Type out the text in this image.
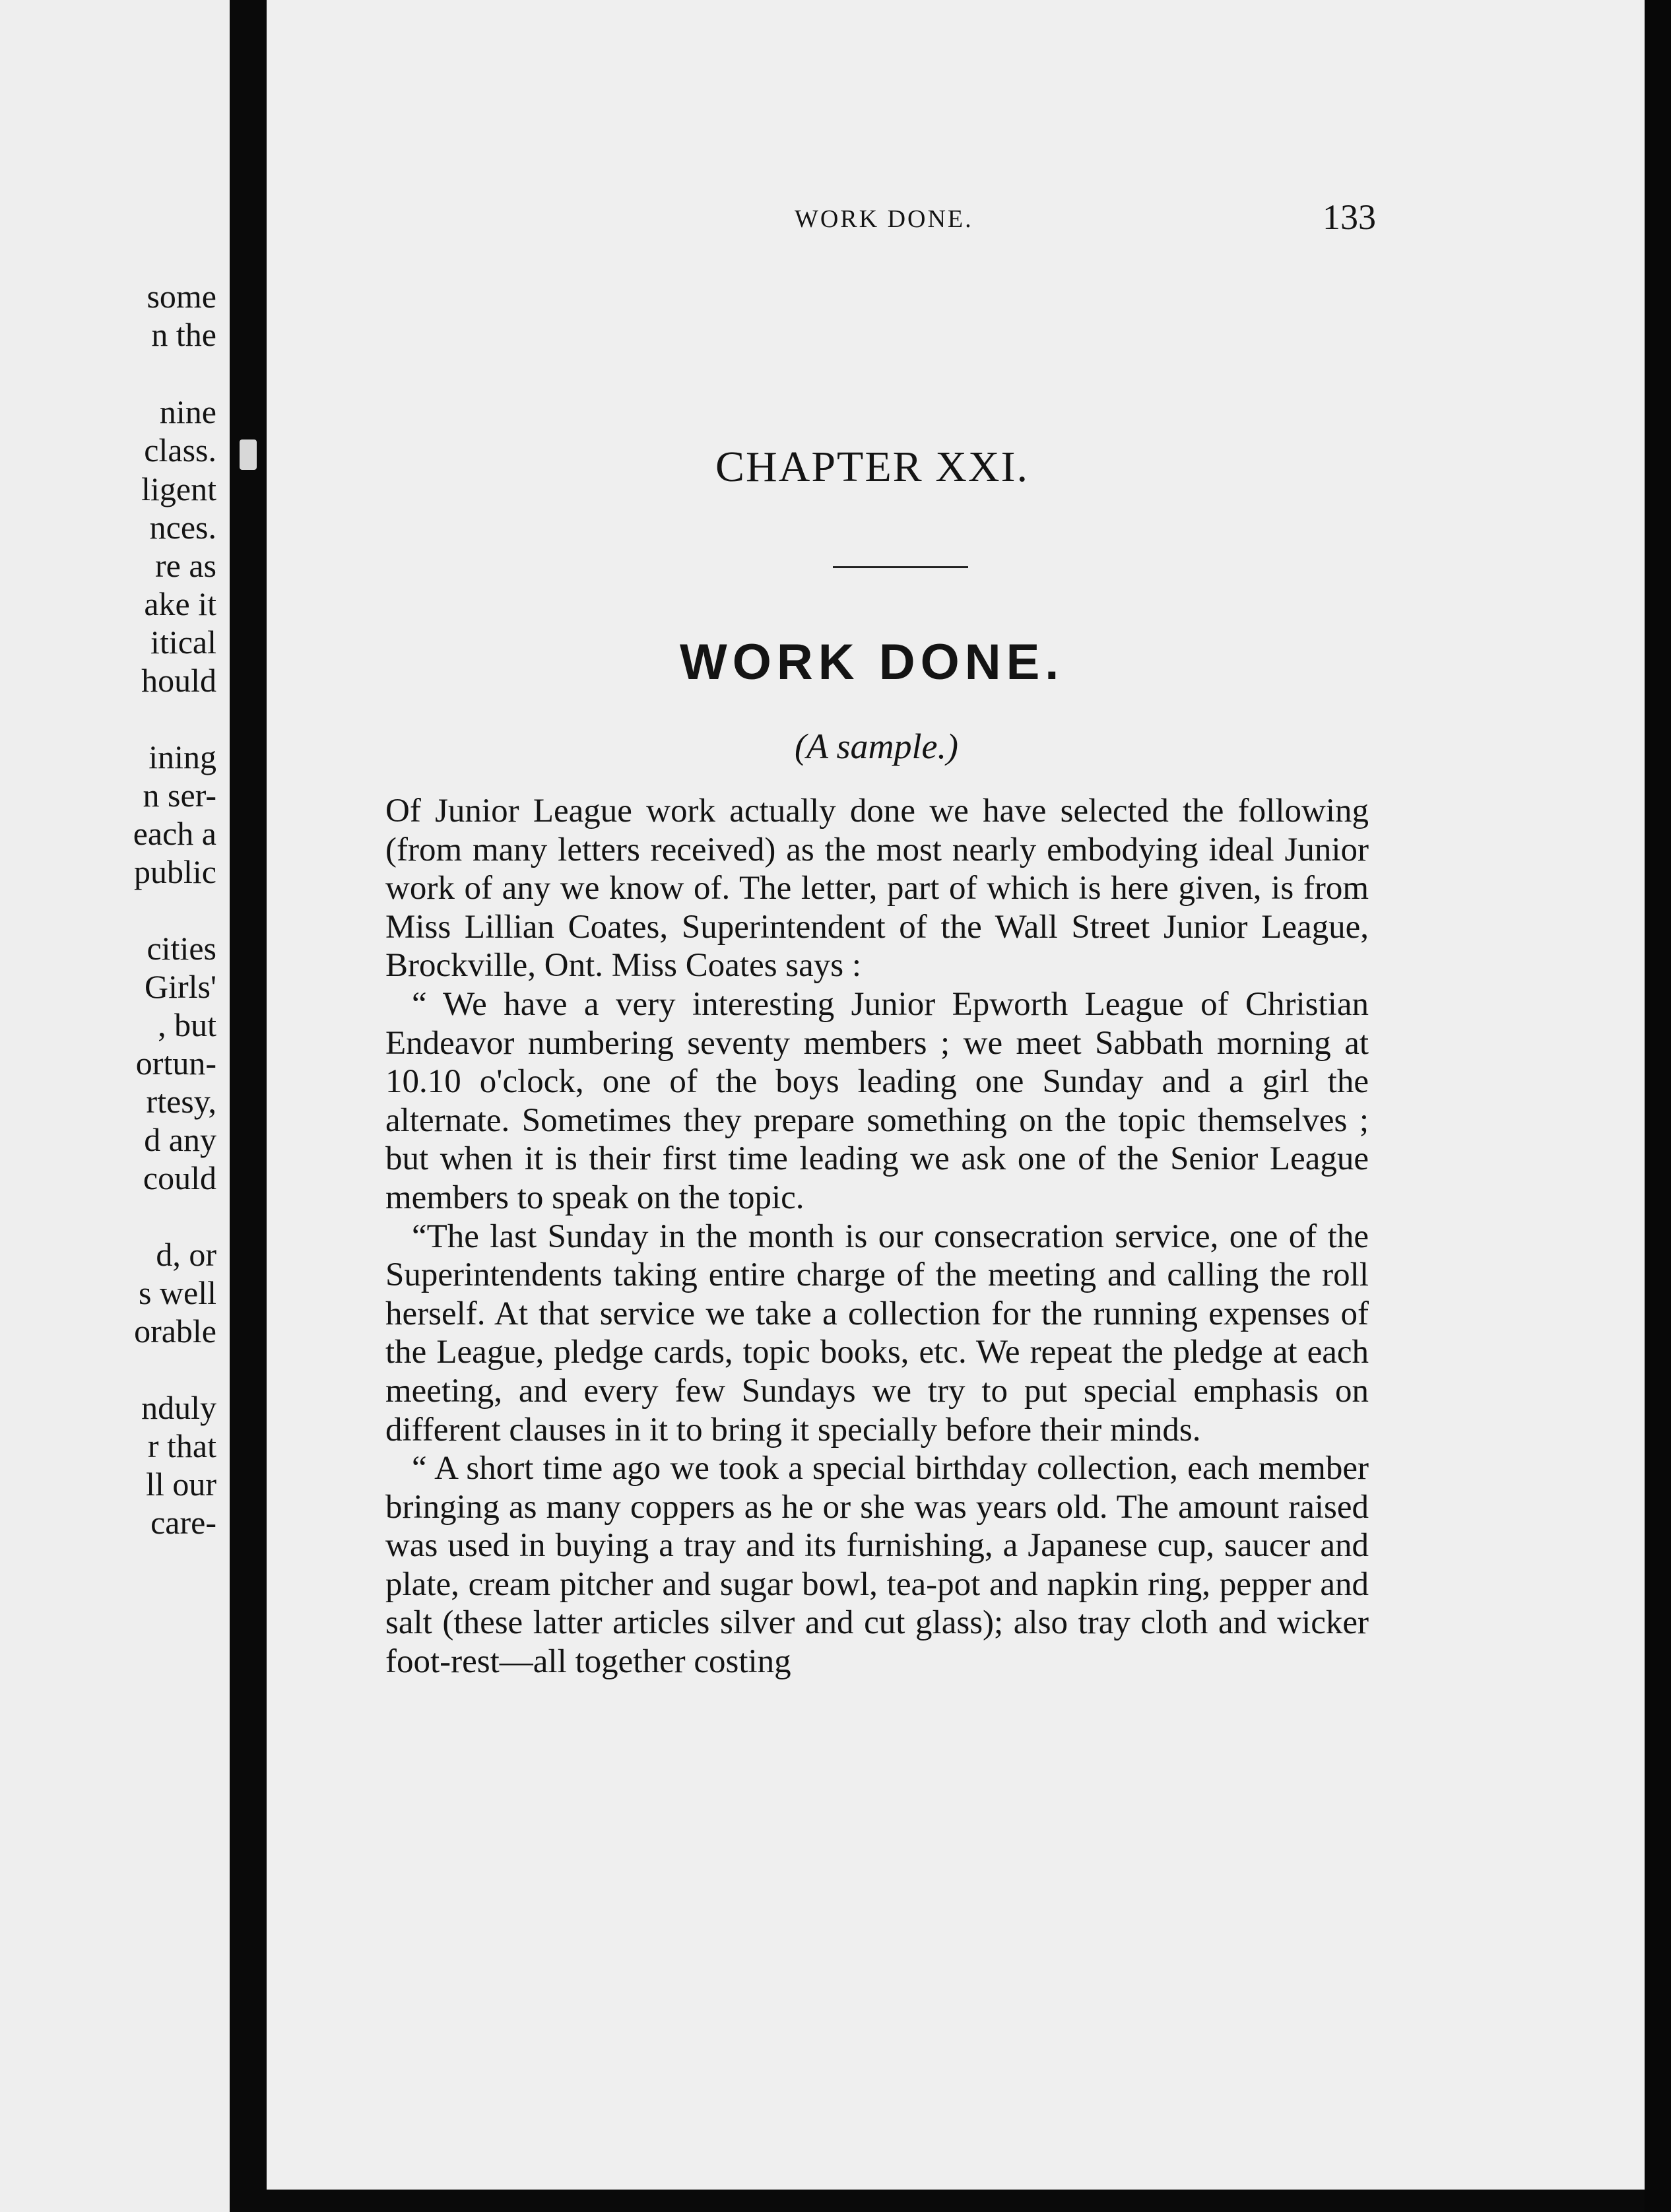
some
n the
nine
class.
ligent
nces.
re as
ake it
itical
hould
ining
n ser-
each a
public
cities
Girls'
, but
ortun-
rtesy,
d any
could
d, or
s well
orable
nduly
r that
ll our
care-
WORK DONE.	133
CHAPTER XXI.
WORK DONE.
(A sample.)

Of Junior League work actually done we have selected the following (from many letters received) as the most nearly embodying ideal Junior work of any we know of. The letter, part of which is here given, is from Miss Lillian Coates, Superintendent of the Wall Street Junior League, Brockville, Ont. Miss Coates says :

“ We have a very interesting Junior Epworth League of Christian Endeavor numbering seventy members ; we meet Sabbath morning at 10.10 o'clock, one of the boys leading one Sunday and a girl the alternate. Sometimes they prepare something on the topic themselves ; but when it is their first time leading we ask one of the Senior League members to speak on the topic.

“The last Sunday in the month is our consecration service, one of the Superintendents taking entire charge of the meeting and calling the roll herself. At that service we take a collection for the running expenses of the League, pledge cards, topic books, etc. We repeat the pledge at each meeting, and every few Sundays we try to put special emphasis on different clauses in it to bring it specially before their minds.

“ A short time ago we took a special birthday collection, each member bringing as many coppers as he or she was years old. The amount raised was used in buying a tray and its furnishing, a Japanese cup, saucer and plate, cream pitcher and sugar bowl, tea-pot and napkin ring, pepper and salt (these latter articles silver and cut glass); also tray cloth and wicker foot-rest—all together costing
